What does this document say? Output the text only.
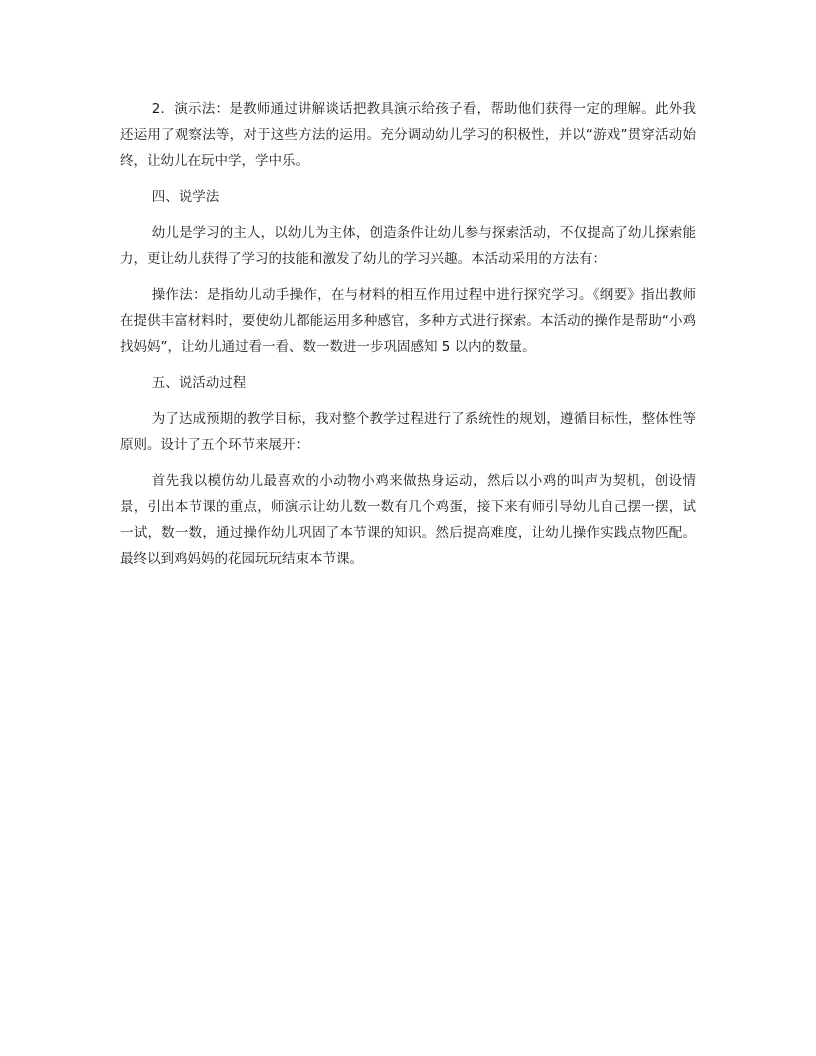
2．演示法：是教师通过讲解谈话把教具演示给孩子看，帮助他们获得一定的理解。此外我还运用了观察法等，对于这些方法的运用。充分调动幼儿学习的积极性，并以“游戏”贯穿活动始终，让幼儿在玩中学，学中乐。

四、说学法

幼儿是学习的主人，以幼儿为主体，创造条件让幼儿参与探索活动，不仅提高了幼儿探索能力，更让幼儿获得了学习的技能和激发了幼儿的学习兴趣。本活动采用的方法有：

操作法：是指幼儿动手操作，在与材料的相互作用过程中进行探究学习。《纲要》指出教师在提供丰富材料时，要使幼儿都能运用多种感官，多种方式进行探索。本活动的操作是帮助“小鸡找妈妈”，让幼儿通过看一看、数一数进一步巩固感知 5 以内的数量。

五、说活动过程

为了达成预期的教学目标，我对整个教学过程进行了系统性的规划，遵循目标性，整体性等原则。设计了五个环节来展开：

首先我以模仿幼儿最喜欢的小动物小鸡来做热身运动，然后以小鸡的叫声为契机，创设情景，引出本节课的重点，师演示让幼儿数一数有几个鸡蛋，接下来有师引导幼儿自己摆一摆，试一试，数一数，通过操作幼儿巩固了本节课的知识。然后提高难度，让幼儿操作实践点物匹配。最终以到鸡妈妈的花园玩玩结束本节课。
